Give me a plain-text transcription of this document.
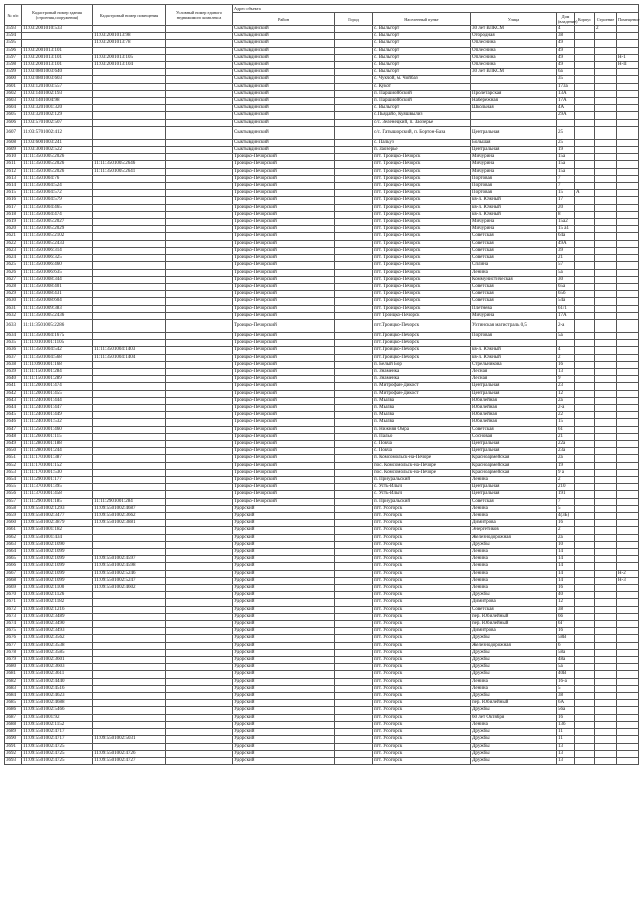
№ п/п	Кадастровый номер здания (строения,сооружения)	Кадастровый номер помещения	Условный номер единого недвижимого комплекса	Адрес объекта							
				Район	Город	Населенный пункт	Улица	Дом (владение)	Корпус	Строение	Помещение
3593	11:03:2001010:533			Сыктывдинский		с. Выльгорт	30 лет ВЛКСМ	4		2	
3594		11:03:2001013:98		Сыктывдинский		с. Выльгорт	Огородная	38			
3595		11:03:2001013:78		Сыктывдинский		с. Выльгорт	Оплеснина	49			
3596	11:03:2001013:101			Сыктывдинский		с. Выльгорт	Оплеснина	49			
3597	11:03:2001013:101	11:03:2001013:105		Сыктывдинский		с. Выльгорт	Оплеснина	49			Н-1
3598	11:03:2001013:101	11:03:2001013:104		Сыктывдинский		с. Выльгорт	Оплеснина	49			Н-II
3599	11:03:0801003:640			Сыктывдинский		с. Выльгорт	30 лет ВЛКСМ	6а			
3600	11:03:0801003:603			Сыктывдинский		с. Чукчой, м. Чойбаз		35			
3601	11:03:1201003:557			Сыктывдинский		с. Кукот		173а			
3602	11:03:1401002:193			Сыктывдинский		п. Паршиойбский	Пролетарская	13А			
3603	11:03:1401004:98			Сыктывдинский		п. Паршиойбский	Набережная	17А			
3604	11:03:3201001:320			Сыктывдинский		с. Выльгорт	Школьная	4А			
3605	11:03:3201002:129			Сыктывдинский		с.Пьядайо, Куяшвылиз		29А			
3606	11:03:5701002:507			Сыктывдинский		с/с. Зеленецкий, п. Заозерье					
3607	11:03:5701002:412			Сыктывдинский		с/с. Гатышорский, п. Бортон-База	Центральная	25			
3608	11:03:6001003:241			Сыктывдинский		с. Пальуз	Большая	25			
3609	11:03:3001002:522			Сыктывдинский		п. Заозерье	Центральная	19			
3610	11:11:3501005:2026			Троицко-Печорский		пгт. Троицко-Печорск	Мичурина	15а			
3611	11:11:3501005:2026	11:11:3501005:2646		Троицко-Печорский		пгт. Троицко-Печорск	Мичурина	15а			
3612	11:11:3501005:2026	11:11:3501005:2641		Троицко-Печорский		пгт. Троицко-Печорск	Мичурина	15а			
3613	11:11:3501004:76			Троицко-Печорский		пгт. Троицко-Печорск	Портовая	7			
3614	11:11:3501004:524			Троицко-Печорский		пгт. Троицко-Печорск	Портовая	7			
3615	11:11:3501004:572			Троицко-Печорский		пгт. Троицко-Печорск	Портовая	15	А		
3616	11:11:3501004:579			Троицко-Печорский		пгт. Троицко-Печорск	кв-л. Южный	17			
3617	11:11:3501004:465			Троицко-Печорский		пгт. Троицко-Печорск	кв-л. Южный	20			
3618	11:11:3501004:474			Троицко-Печорский		пгт. Троицко-Печорск	кв-л. Южный	8			
3619	11:11:3501005:2027			Троицко-Печорский		пгт. Троицко-Печорск	Мичурина	15а2			
3620	11:11:3501005:2029			Троицко-Печорский		пгт. Троицко-Печорск	Мичурина	15 а1			
3621	11:11:3501005:2102			Троицко-Печорский		пгт. Троицко-Печорск	Советская	64а			
3622	11:11:3501005:2433			Троицко-Печорский		пгт. Троицко-Печорск	Советская	49А			
3623	11:11:3501006:314			Троицко-Печорский		пгт. Троицко-Печорск	Советская	39			
3624	11:11:3501006:325			Троицко-Печорский		пгт. Троицко-Печорск	Советская	21			
3625	11:11:3501006:460			Троицко-Печорский		пгт. Троицко-Печорск	Сплина	57			
3626	11:11:3501006:635			Троицко-Печорский		пгт. Троицко-Печорск	Ленина	5а			
3627	11:11:3501008:344			Троицко-Печорский		пгт. Троицко-Печорск	Коммунистическая	30			
3628	11:11:3501008:401			Троицко-Печорский		пгт. Троицко-Печорск	Советская	65а			
3629	11:11:3501008:431			Троицко-Печорский		пгт. Троицко-Печорск	Советская	65б			
3630	11:11:3501008:604			Троицко-Печорский		пгт. Троицко-Печорск	Советская	54а			
3631	11:11:3501009:383			Троицко-Печорский		пгт. Троицко-Печорск	Плетнева	61/1			
3632	11:11:3501005:2436			Троицко-Печорский		пгт Троицко-Печорск	Мичурина	17А			
3633	11:11:3501005:2286			Троицко-Печорский		пгт.Троицко-Печорск	Ухтинская магистраль 0,5	2-а			
3634	11:11:3501004:1675			Троицко-Печорский		пгт.Троицко-Печорск	Портовая	5а			
3635	11:11:0101001:1105			Троицко-Печорский		пгт.Троицко-Печорск					
3636	11:11:3501004:542	11:11:3501004:1403		Троицко-Печорский		пгт.Троицко-Печорск	кв-л. Южный	4			
3637	11:11:3501004:568	11:11:3501004:1404		Троицко-Печорский		пгт.Троицко-Печорск	кв-л. Южный	2			
3638	11:11:0901001:168			Троицко-Печорский		п. Белый Бор	Стрельникова	16			
3639	11:11:1501001:284			Троицко-Печорский		п. Знаменка	Лесная	13			
3640	11:11:1501001:289			Троицко-Печорский		п. Знаменка	Лесная	9			
3641	11:11:2001001:474			Троицко-Печорский		п. Митрофан-Дикост	Центральная	23			
3642	11:11:2001001:455			Троицко-Печорский		п. Митрофан-Дикост	Центральная	12			
3643	11:11:2401001:444			Троицко-Печорский		п. Мылва	Юбилейная	2а			
3644	11:11:2401001:447			Троицко-Печорский		п. Мылва	Юбилейная	2-а			
3645	11:11:2401001:449			Троицко-Печорский		п. Мылва	Юбилейная	22			
3646	11:11:2401001:532			Троицко-Печорский		п. Мылва	Юбилейная	15			
3647	11:11:2501001:460			Троицко-Печорский		п. Нижняя Омра	Советская	61			
3648	11:11:2601001:115			Троицко-Печорский		п. Пальо	Сосновая	21			
3649	11:11:2801001:188			Троицко-Печорский		с. Покча	Центральная	22а			
3650	11:11:2801001:244			Троицко-Печорский		с. Покча	Центральная	23а			
3651	11:11:1701001:387			Троицко-Печорский		п. Комсомольск-на-Печоре	Красноармейская	2а			
3652	11:11:1701001:152			Троицко-Печорский		пос. Комсомольск-на-Печоре	Красноармейская	19			
3653	11:11:1701001:530			Троицко-Печорский		пос. Комсомольск-на-Печоре	Красноармейская	9 а			
3654	11:11:2901001:177			Троицко-Печорский		п. Приуральский	Ленина	2			
3655	11:11:3701001:395			Троицко-Печорский		с. Усть-Илыч	Центральная	210			
3656	11:11:3701001:458			Троицко-Печорский		с. Усть-Илыч	Центральная	191			
3657	11:11:2901001:185	11:11:2901001:284		Троицко-Печорский		п. Приуральский	Советская	7			
3658	11:09:5501002:1293	11:09:5501002:4687		Удорский		пгт. Усогорск	Ленина	5			
3659	11:09:5501002:3477	11:09:5501002:3662		Удорский		пгт. Усогорск	Ленина	4(3Б)			
3660	11:09:5501002:3879	11:09:5501002:3881		Удорский		пгт. Усогорск	Димитрова	16			
3661	11:09:5501001:182			Удорский		пгт. Усогорск	Энергетиков	2			
3662	11:09:5501001:434			Удорский		пгт. Усогорск	Железнодорожная	2а			
3663	11:09:5501002:1090			Удорский		пгт. Усогорск	Дружбы	10			
3664	11:09:5501002:1099			Удорский		пгт. Усогорск	Ленина	14			
3665	11:09:5501002:1099	11:09:5501002:4597		Удорский		пгт. Усогорск	Ленина	14			
3666	11:09:5501002:1099	11:09:5501002:4598		Удорский		пгт. Усогорск	Ленина	14			
3667	11:09:5501002:1099	11:09:5501002:5246		Удорский		пгт. Усогорск	Ленина	14			Н-2
3668	11:09:5501002:1099	11:09:5501002:5247		Удорский		пгт. Усогорск	Ленина	14			Н-3
3669	11:09:5501002:1100	11:09:5501002:4602		Удорский		пгт. Усогорск	Ленина	16			
3670	11:09:5501002:1126			Удорский		пгт. Усогорск	Дружбы	40			
3671	11:09:5501002:1182			Удорский		пгт. Усогорск	Димитрова	12			
3672	11:09:5501002:1216			Удорский		пгт. Усогорск	Советская	38			
3673	11:09:5501002:3489			Удорский		пгт. Усогорск	пер. Юбилейный	6б			
3674	11:09:5501002:3490			Удорский		пгт. Усогорск	пер. Юбилейный	6Г			
3675	11:09:5501002:3493			Удорский		пгт. Усогорск	Димитрова	16			
3676	11:09:5501002:3562			Удорский		пгт. Усогорск	Дружбы	58В			
3677	11:09:5501002:3538			Удорский		пгт. Усогорск	Железнодорожная	6			
3678	11:09:5501002:3585			Удорский		пгт. Усогорск	Дружбы	58а			
3679	11:09:5501002:3601			Удорский		пгт. Усогорск	Дружбы	48а			
3680	11:09:5501002:3603			Удорский		пгт. Усогорск	Дружбы	5а			
3681	11:09:5501002:3611			Удорский		пгт. Усогорск	Дружбы	40В			
3682	11:09:5501002:4440			Удорский		пгт. Усогорск	Ленина	16-а			
3683	11:09:5501002:4516			Удорский		пгт. Усогорск	Ленина	5			
3684	11:09:5501002:4623			Удорский		пгт. Усогорск	Дружбы	38			
3685	11:09:5501002:4688			Удорский		пгт. Усогорск	пер. Юбилейный	6А			
3686	11:09:5501002:5466			Удорский		пгт. Усогорск	Дружбы	56а			
3687	11:09:5501001:92			Удорский		пгт. Усогорск	60 лет Октября	16			
3688	11:09:5501002:1152			Удорский		пгт. Усогорск	Ленина	13б			
3689	11:09:5501002:4717			Удорский		пгт. Усогорск	Дружбы	11			
3690	11:09:5501002:4717	11:09:5501002:5031		Удорский		пгт. Усогорск	Дружбы	11			
3691	11:09:5501002:4725			Удорский		пгт. Усогорск	Дружбы	13			
3692	11:09:5501002:4725	11:09:5501002:4726		Удорский		пгт. Усогорск	Дружбы	13			
3693	11:09:5501002:4725	11:09:5501002:4727		Удорский		пгт. Усогорск	Дружбы	13			
